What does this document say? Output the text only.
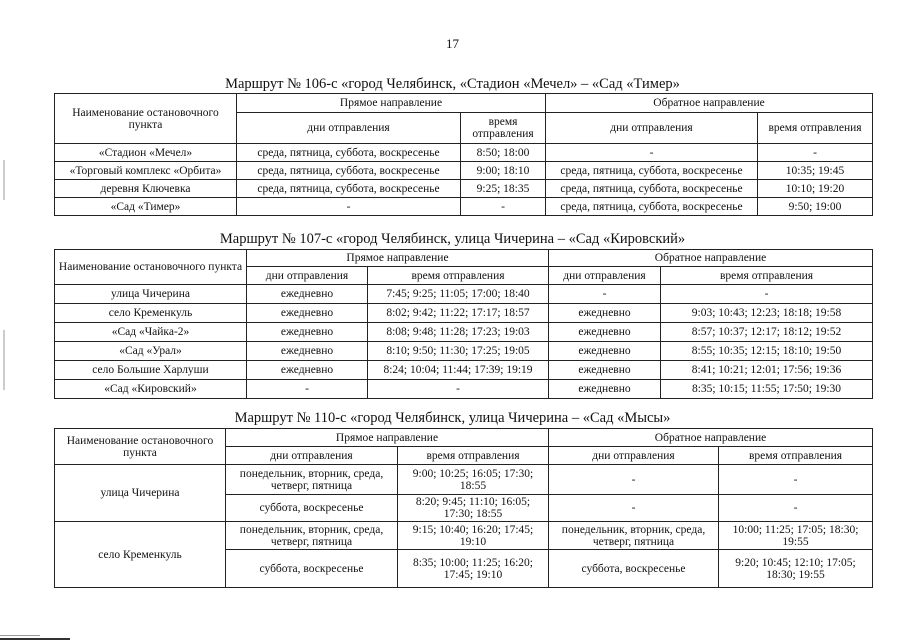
17
Маршрут № 106-с «город Челябинск, «Стадион «Мечел» – «Сад «Тимер»
Наименование остановочного пункта	Прямое направление		Обратное направление	
	дни отправления	время отправления	дни отправления	время отправления
«Стадион «Мечел»	среда, пятница, суббота, воскресенье	8:50; 18:00	-	-
«Торговый комплекс «Орбита»	среда, пятница, суббота, воскресенье	9:00; 18:10	среда, пятница, суббота, воскресенье	10:35; 19:45
деревня Ключевка	среда, пятница, суббота, воскресенье	9:25; 18:35	среда, пятница, суббота, воскресенье	10:10; 19:20
«Сад «Тимер»	-	-	среда, пятница, суббота, воскресенье	9:50; 19:00
Маршрут № 107-с «город Челябинск, улица Чичерина – «Сад «Кировский»
Наименование остановочного пункта	Прямое направление		Обратное направление	
	дни отправления	время отправления	дни отправления	время отправления
улица Чичерина	ежедневно	7:45; 9:25; 11:05; 17:00; 18:40	-	-
село Кременкуль	ежедневно	8:02; 9:42; 11:22; 17:17; 18:57	ежедневно	9:03; 10:43; 12:23; 18:18; 19:58
«Сад «Чайка-2»	ежедневно	8:08; 9:48; 11:28; 17:23; 19:03	ежедневно	8:57; 10:37; 12:17; 18:12; 19:52
«Сад «Урал»	ежедневно	8:10; 9:50; 11:30; 17:25; 19:05	ежедневно	8:55; 10:35; 12:15; 18:10; 19:50
село Большие Харлуши	ежедневно	8:24; 10:04; 11:44; 17:39; 19:19	ежедневно	8:41; 10:21; 12:01; 17:56; 19:36
«Сад «Кировский»	-	-	ежедневно	8:35; 10:15; 11:55; 17:50; 19:30
Маршрут № 110-с «город Челябинск, улица Чичерина – «Сад «Мысы»
Наименование остановочного пункта	Прямое направление		Обратное направление	
	дни отправления	время отправления	дни отправления	время отправления
улица Чичерина	понедельник, вторник, среда, четверг, пятница	9:00; 10:25; 16:05; 17:30; 18:55	-	-
	суббота, воскресенье	8:20; 9:45; 11:10; 16:05; 17:30; 18:55	-	-
село Кременкуль	понедельник, вторник, среда, четверг, пятница	9:15; 10:40; 16:20; 17:45; 19:10	понедельник, вторник, среда, четверг, пятница	10:00; 11:25; 17:05; 18:30; 19:55
	суббота, воскресенье	8:35; 10:00; 11:25; 16:20; 17:45; 19:10	суббота, воскресенье	9:20; 10:45; 12:10; 17:05; 18:30; 19:55
